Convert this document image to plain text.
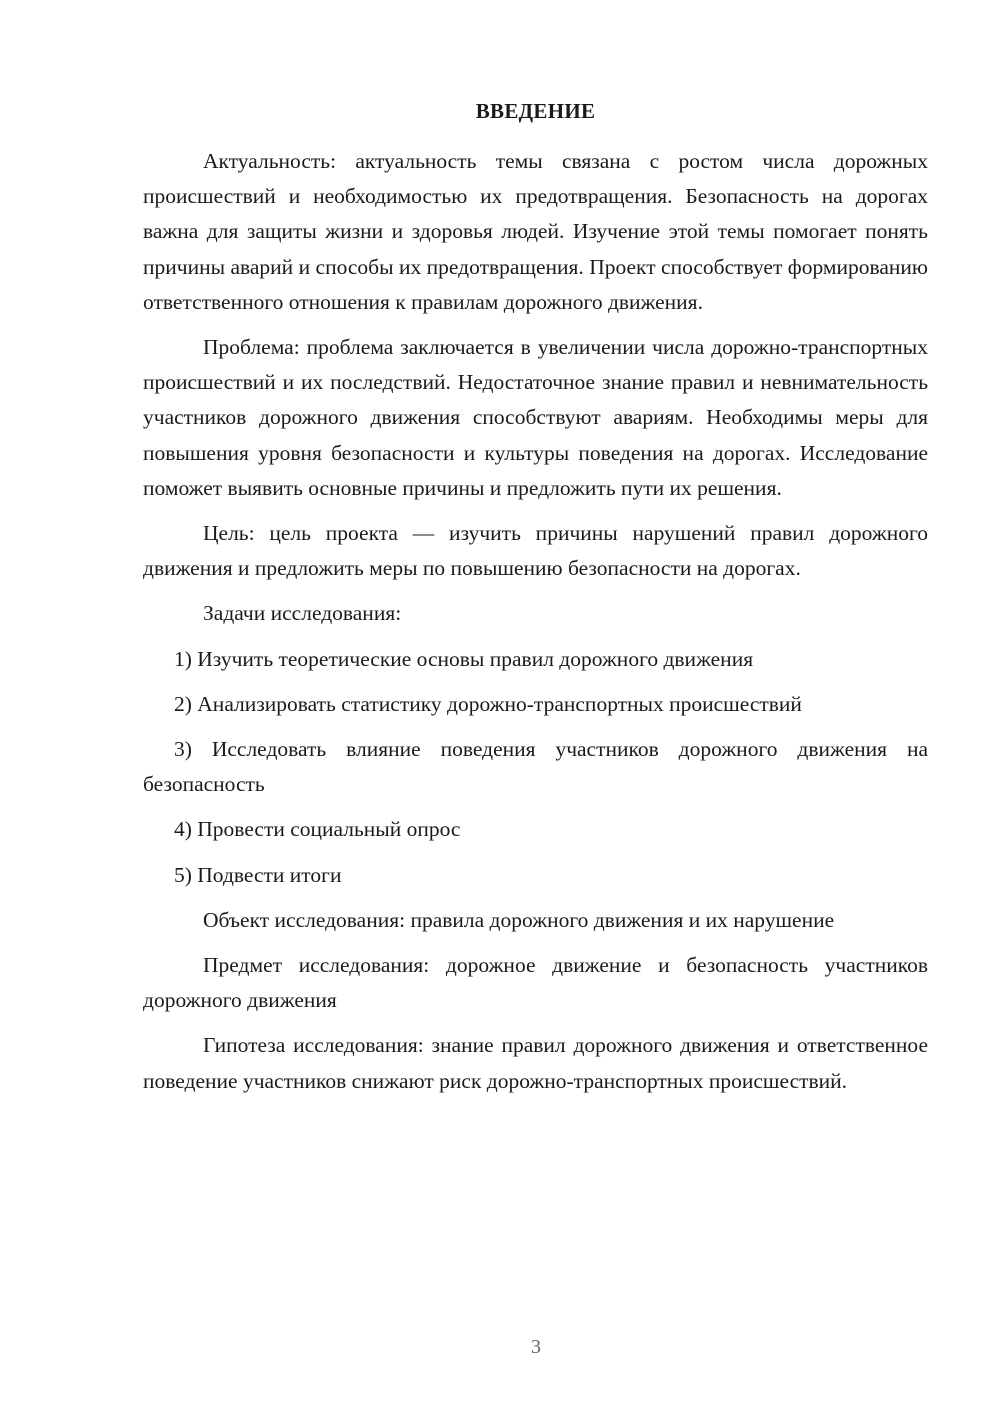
ВВЕДЕНИЕ

Актуальность: актуальность темы связана с ростом числа дорожных происшествий и необходимостью их предотвращения. Безопасность на дорогах важна для защиты жизни и здоровья людей. Изучение этой темы помогает понять причины аварий и способы их предотвращения. Проект способствует формированию ответственного отношения к правилам дорожного движения.

Проблема: проблема заключается в увеличении числа дорожно-транспортных происшествий и их последствий. Недостаточное знание правил и невнимательность участников дорожного движения способствуют авариям. Необходимы меры для повышения уровня безопасности и культуры поведения на дорогах. Исследование поможет выявить основные причины и предложить пути их решения.

Цель: цель проекта — изучить причины нарушений правил дорожного движения и предложить меры по повышению безопасности на дорогах.

Задачи исследования:

1) Изучить теоретические основы правил дорожного движения

2) Анализировать статистику дорожно-транспортных происшествий

3) Исследовать влияние поведения участников дорожного движения на безопасность

4) Провести социальный опрос

5) Подвести итоги

Объект исследования: правила дорожного движения и их нарушение

Предмет исследования: дорожное движение и безопасность участников дорожного движения

Гипотеза исследования: знание правил дорожного движения и ответственное поведение участников снижают риск дорожно-транспортных происшествий.

3
